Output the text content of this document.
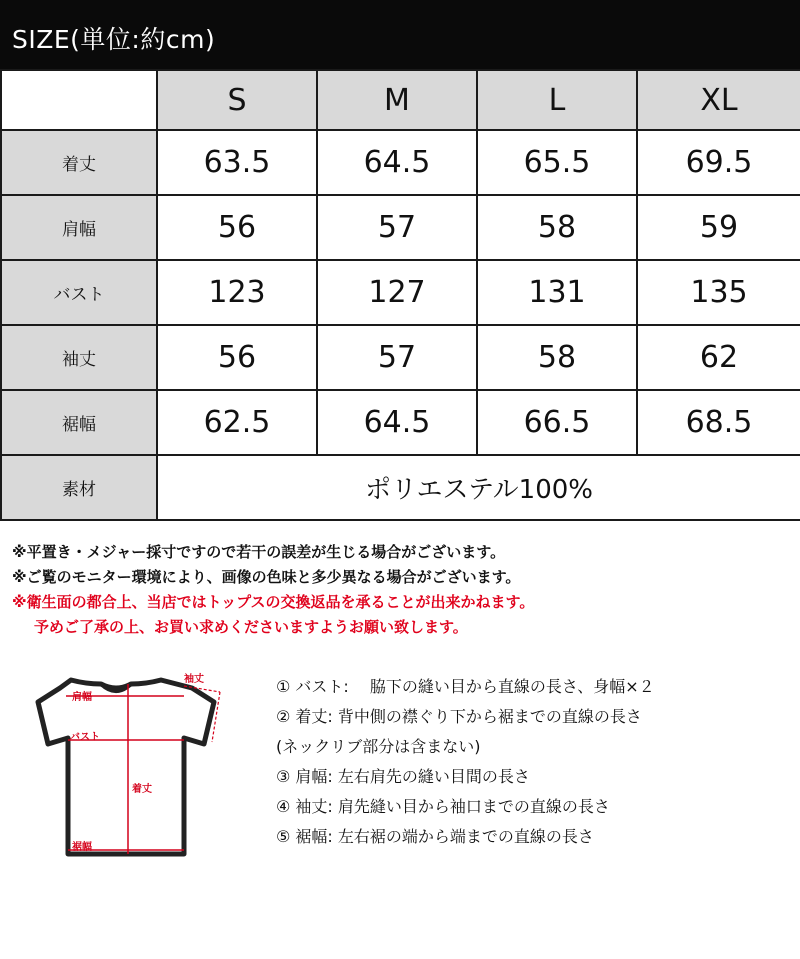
SIZE(単位:約cm)
	S	M	L	XL
着丈	63.5	64.5	65.5	69.5
肩幅	56	57	58	59
バスト	123	127	131	135
袖丈	56	57	58	62
裾幅	62.5	64.5	66.5	68.5
素材	ポリエステル100%			
※平置き・メジャー採寸ですので若干の誤差が生じる場合がございます。
※ご覧のモニター環境により、画像の色味と多少異なる場合がございます。
※衛生面の都合上、当店ではトップスの交換返品を承ることが出来かねます。
予めご了承の上、お買い求めくださいますようお願い致します。
袖丈
肩幅
バスト
着丈
裾幅
① バスト:　 脇下の縫い目から直線の長さ、身幅×２
② 着丈: 背中側の襟ぐり下から裾までの直線の長さ
(ネックリブ部分は含まない)
③ 肩幅: 左右肩先の縫い目間の長さ
④ 袖丈: 肩先縫い目から袖口までの直線の長さ
⑤ 裾幅: 左右裾の端から端までの直線の長さ
